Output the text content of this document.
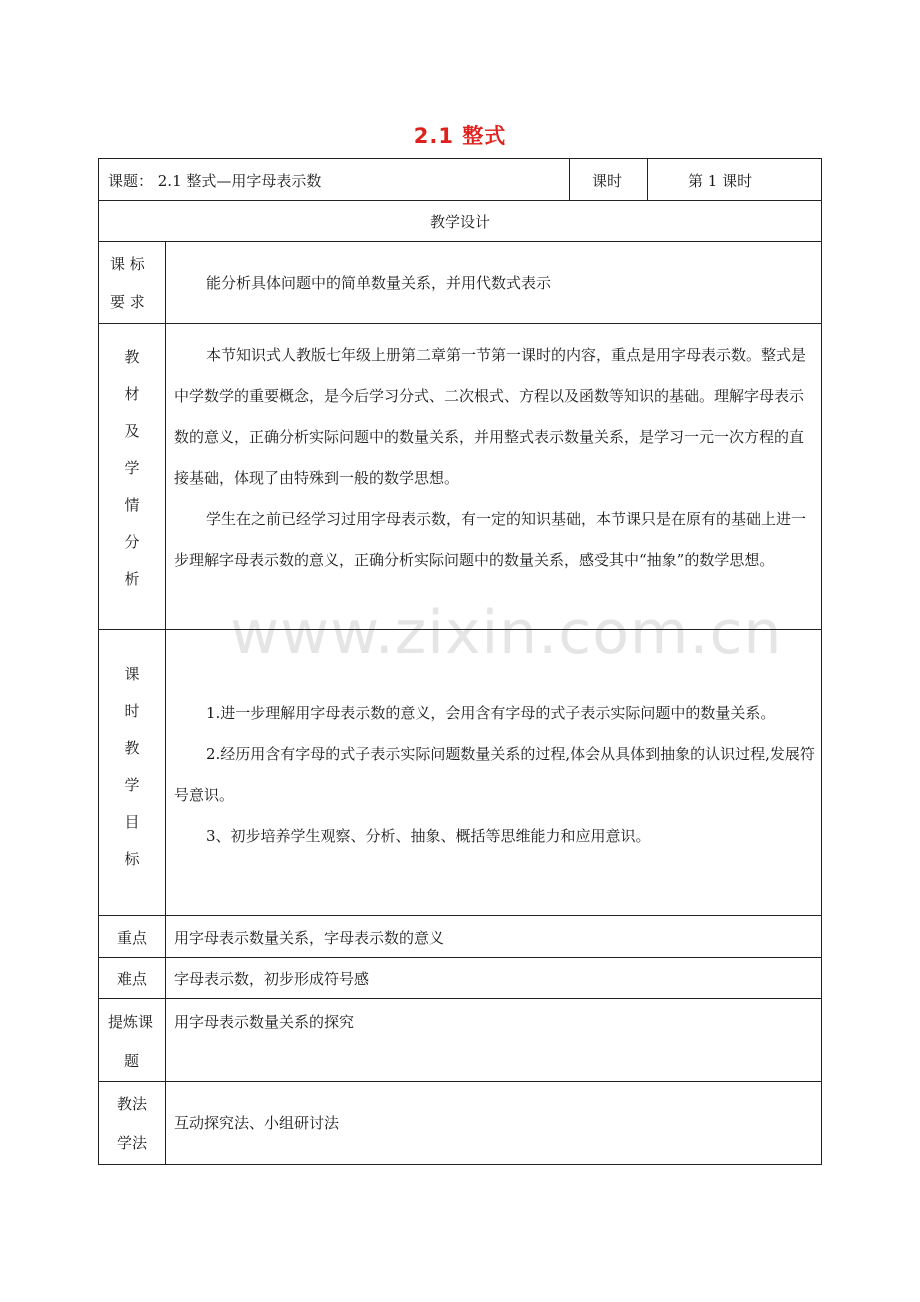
2.1 整式
课题： 2.1 整式—用字母表示数	课时	第 1 课时
教学设计
课 标
要 求
能分析具体问题中的简单数量关系，并用代数式表示
教
材
及
学
情
分
析

本节知识式人教版七年级上册第二章第一节第一课时的内容，重点是用字母表示数。整式是中学数学的重要概念，是今后学习分式、二次根式、方程以及函数等知识的基础。理解字母表示数的意义，正确分析实际问题中的数量关系，并用整式表示数量关系，是学习一元一次方程的直接基础，体现了由特殊到一般的数学思想。

学生在之前已经学习过用字母表示数，有一定的知识基础，本节课只是在原有的基础上进一步理解字母表示数的意义，正确分析实际问题中的数量关系，感受其中“抽象”的数学思想。

www.zixin.com.cn
课
时
教
学
目
标

1.进一步理解用字母表示数的意义，会用含有字母的式子表示实际问题中的数量关系。

2.经历用含有字母的式子表示实际问题数量关系的过程,体会从具体到抽象的认识过程,发展符号意识。

3、初步培养学生观察、分析、抽象、概括等思维能力和应用意识。

重点 用字母表示数量关系，字母表示数的意义
难点 字母表示数，初步形成符号感
提炼课
题
用字母表示数量关系的探究
教法
学法
互动探究法、小组研讨法
